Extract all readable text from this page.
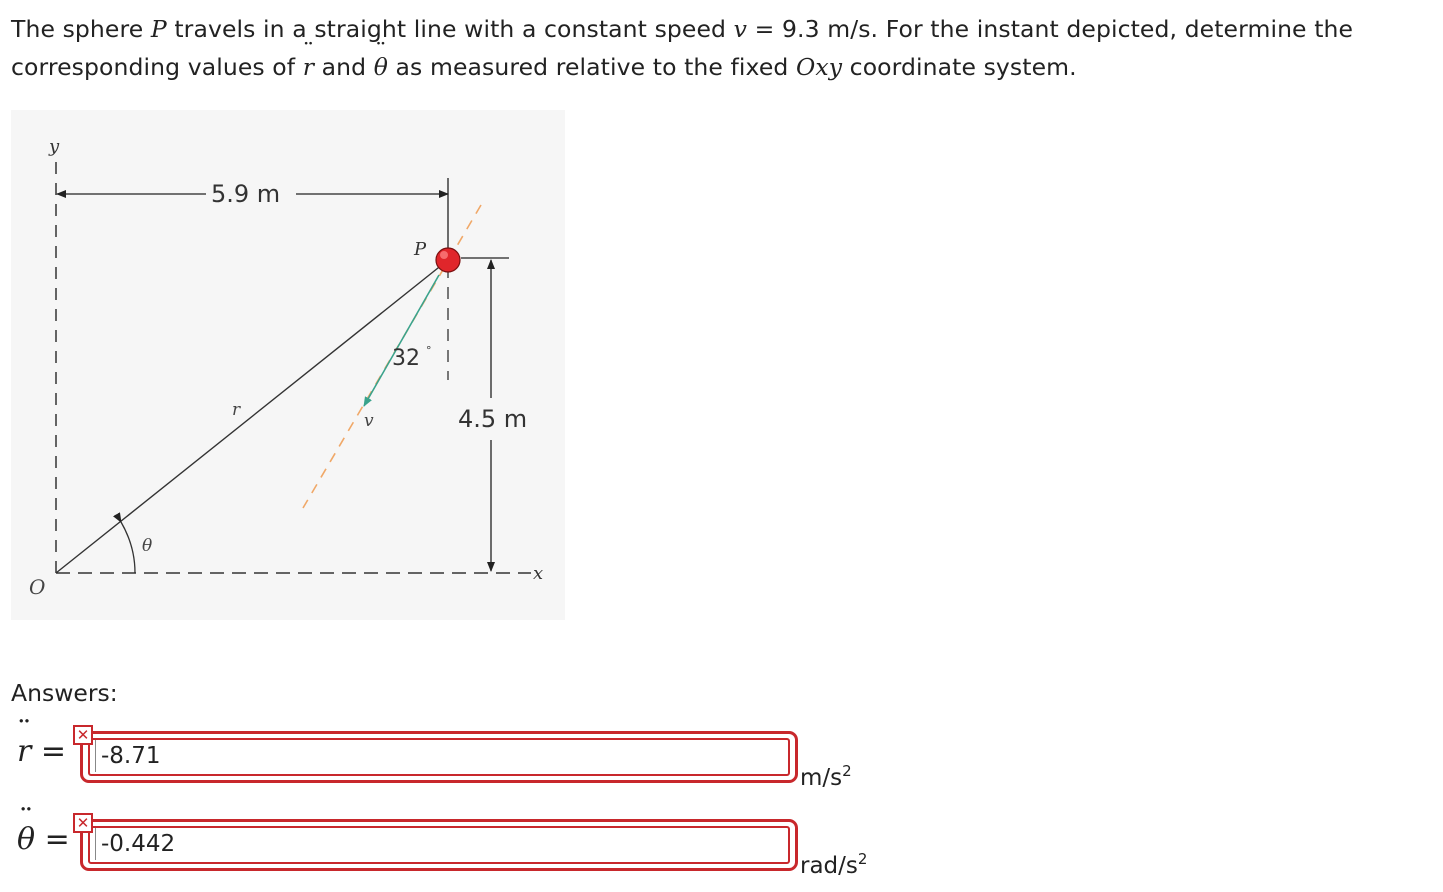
The sphere P travels in a straight line with a constant speed v = 9.3 m/s. For the instant depicted, determine the corresponding values of ¨ r and ¨ θ as measured relative to the fixed Oxy coordinate system.

y
x
O
5.9 m
r
v
32 °
θ
4.5 m
P

Answers:

¨ r =
-8.71 ✕
$m/s^2$
¨ θ =
-0.442 ✕
rad/$s^2$
